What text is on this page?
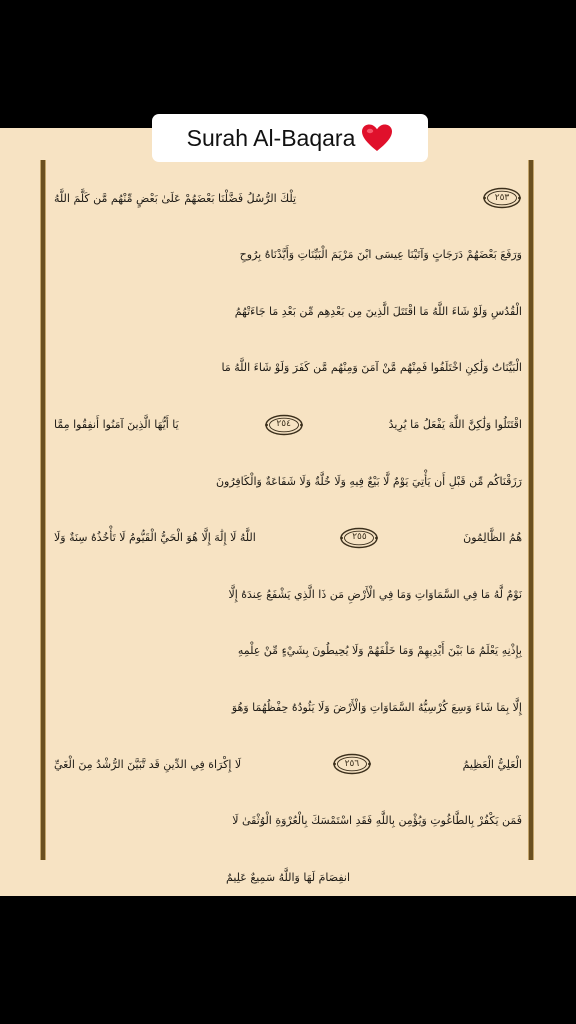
Surah Al-Baqara
٢٥٣
تِلْكَ الرُّسُلُ فَضَّلْنَا بَعْضَهُمْ عَلَىٰ بَعْضٍ مِّنْهُم مَّن كَلَّمَ اللَّهُ
وَرَفَعَ بَعْضَهُمْ دَرَجَاتٍ وَآتَيْنَا عِيسَى ابْنَ مَرْيَمَ الْبَيِّنَاتِ وَأَيَّدْنَاهُ بِرُوحِ
الْقُدُسِ وَلَوْ شَاءَ اللَّهُ مَا اقْتَتَلَ الَّذِينَ مِن بَعْدِهِم مِّن بَعْدِ مَا جَاءَتْهُمُ
الْبَيِّنَاتُ وَلَٰكِنِ اخْتَلَفُوا فَمِنْهُم مَّنْ آمَنَ وَمِنْهُم مَّن كَفَرَ وَلَوْ شَاءَ اللَّهُ مَا
اقْتَتَلُوا وَلَٰكِنَّ اللَّهَ يَفْعَلُ مَا يُرِيدُ
٢٥٤
يَا أَيُّهَا الَّذِينَ آمَنُوا أَنفِقُوا مِمَّا
رَزَقْنَاكُم مِّن قَبْلِ أَن يَأْتِيَ يَوْمٌ لَّا بَيْعٌ فِيهِ وَلَا خُلَّةٌ وَلَا شَفَاعَةٌ وَالْكَافِرُونَ
هُمُ الظَّالِمُونَ
٢٥٥
اللَّهُ لَا إِلَٰهَ إِلَّا هُوَ الْحَيُّ الْقَيُّومُ لَا تَأْخُذُهُ سِنَةٌ وَلَا
نَوْمٌ لَّهُ مَا فِي السَّمَاوَاتِ وَمَا فِي الْأَرْضِ مَن ذَا الَّذِي يَشْفَعُ عِندَهُ إِلَّا
بِإِذْنِهِ يَعْلَمُ مَا بَيْنَ أَيْدِيهِمْ وَمَا خَلْفَهُمْ وَلَا يُحِيطُونَ بِشَيْءٍ مِّنْ عِلْمِهِ
إِلَّا بِمَا شَاءَ وَسِعَ كُرْسِيُّهُ السَّمَاوَاتِ وَالْأَرْضَ وَلَا يَئُودُهُ حِفْظُهُمَا وَهُوَ
الْعَلِيُّ الْعَظِيمُ
٢٥٦
لَا إِكْرَاهَ فِي الدِّينِ قَد تَّبَيَّنَ الرُّشْدُ مِنَ الْغَيِّ
فَمَن يَكْفُرْ بِالطَّاغُوتِ وَيُؤْمِن بِاللَّهِ فَقَدِ اسْتَمْسَكَ بِالْعُرْوَةِ الْوُثْقَىٰ لَا
انفِصَامَ لَهَا وَاللَّهُ سَمِيعٌ عَلِيمٌ
